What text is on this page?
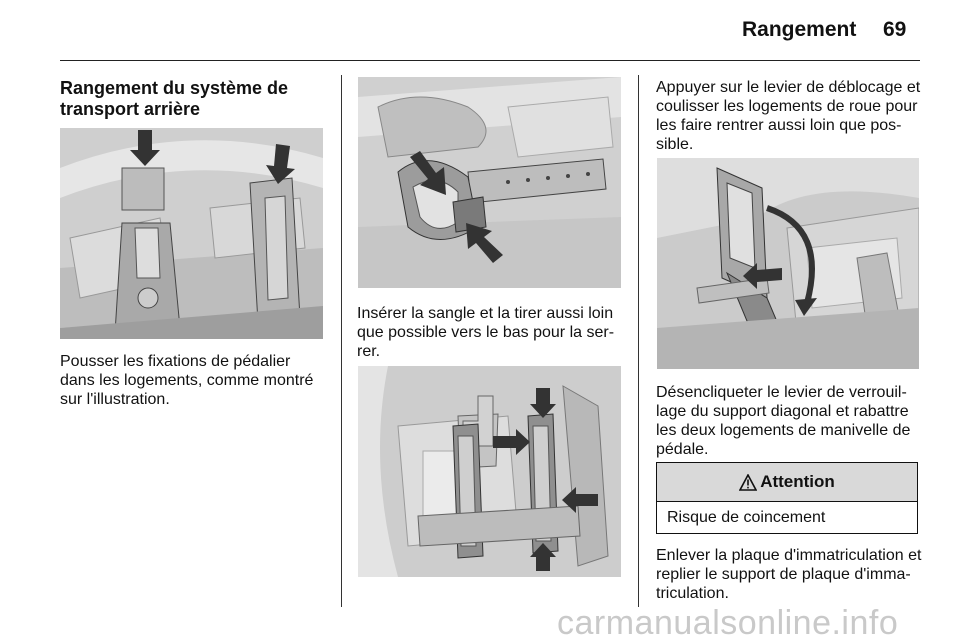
Rangement 69
Rangement du système de
transport arrière
Pousser les fixations de pédalier
dans les logements, comme montré
sur l'illustration.
Insérer la sangle et la tirer aussi loin
que possible vers le bas pour la ser-
rer.
Appuyer sur le levier de déblocage et
coulisser les logements de roue pour
les faire rentrer aussi loin que pos-
sible.
Désencliqueter le levier de verrouil-
lage du support diagonal et rabattre
les deux logements de manivelle de
pédale.
Attention
Risque de coincement
Enlever la plaque d'immatriculation et
replier le support de plaque d'imma-
triculation.
carmanualsonline.info
